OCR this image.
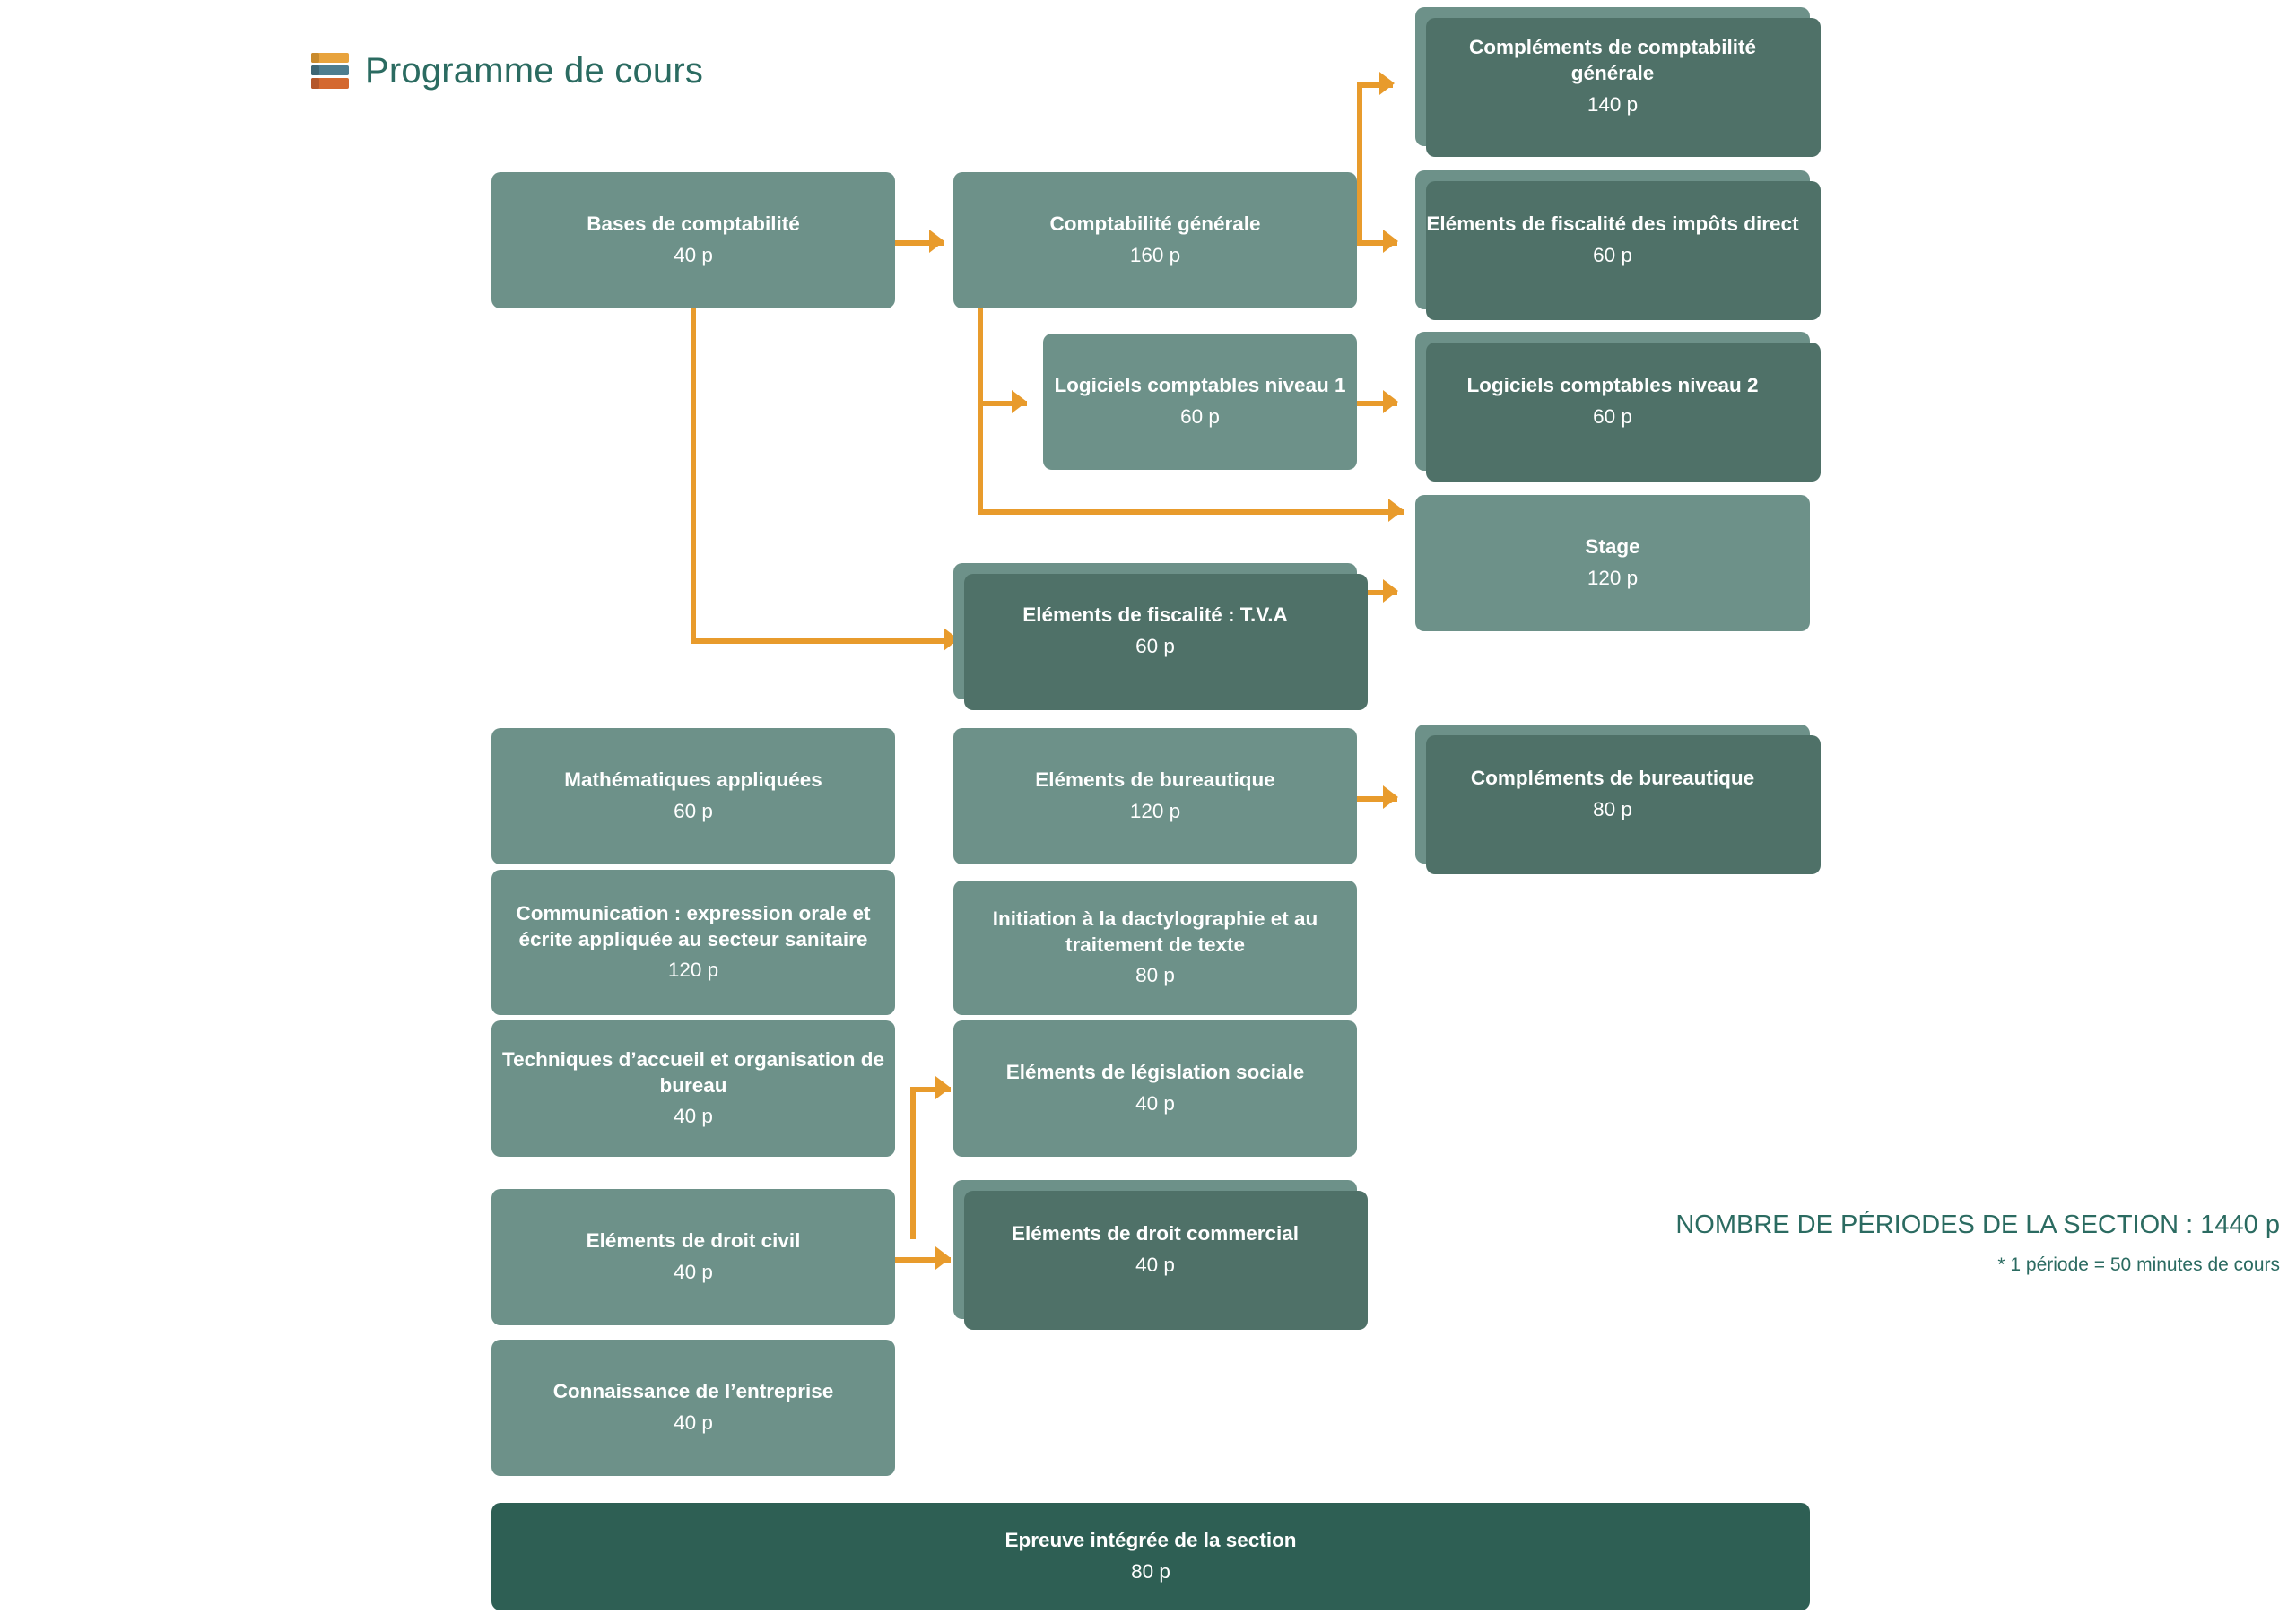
Programme de cours
Bases de comptabilité
40 p
Comptabilité générale
160 p
Compléments de comptabilité générale
140 p
Eléments de fiscalité des impôts direct
60 p
Logiciels comptables niveau 1
60 p
Logiciels comptables niveau 2
60 p
Stage
120 p
Eléments de fiscalité : T.V.A
60 p
Mathématiques appliquées
60 p
Eléments de bureautique
120 p
Compléments de bureautique
80 p
Communication : expression orale et écrite appliquée au secteur sanitaire
120 p
Initiation à la dactylographie et au traitement de texte
80 p
Techniques d’accueil et organisation de bureau
40 p
Eléments de législation sociale
40 p
Eléments de droit civil
40 p
Eléments de droit commercial
40 p
Connaissance de l’entreprise
40 p
Epreuve intégrée de la section
80 p
NOMBRE DE PÉRIODES DE LA SECTION : 1440 p
* 1 période = 50 minutes de cours
